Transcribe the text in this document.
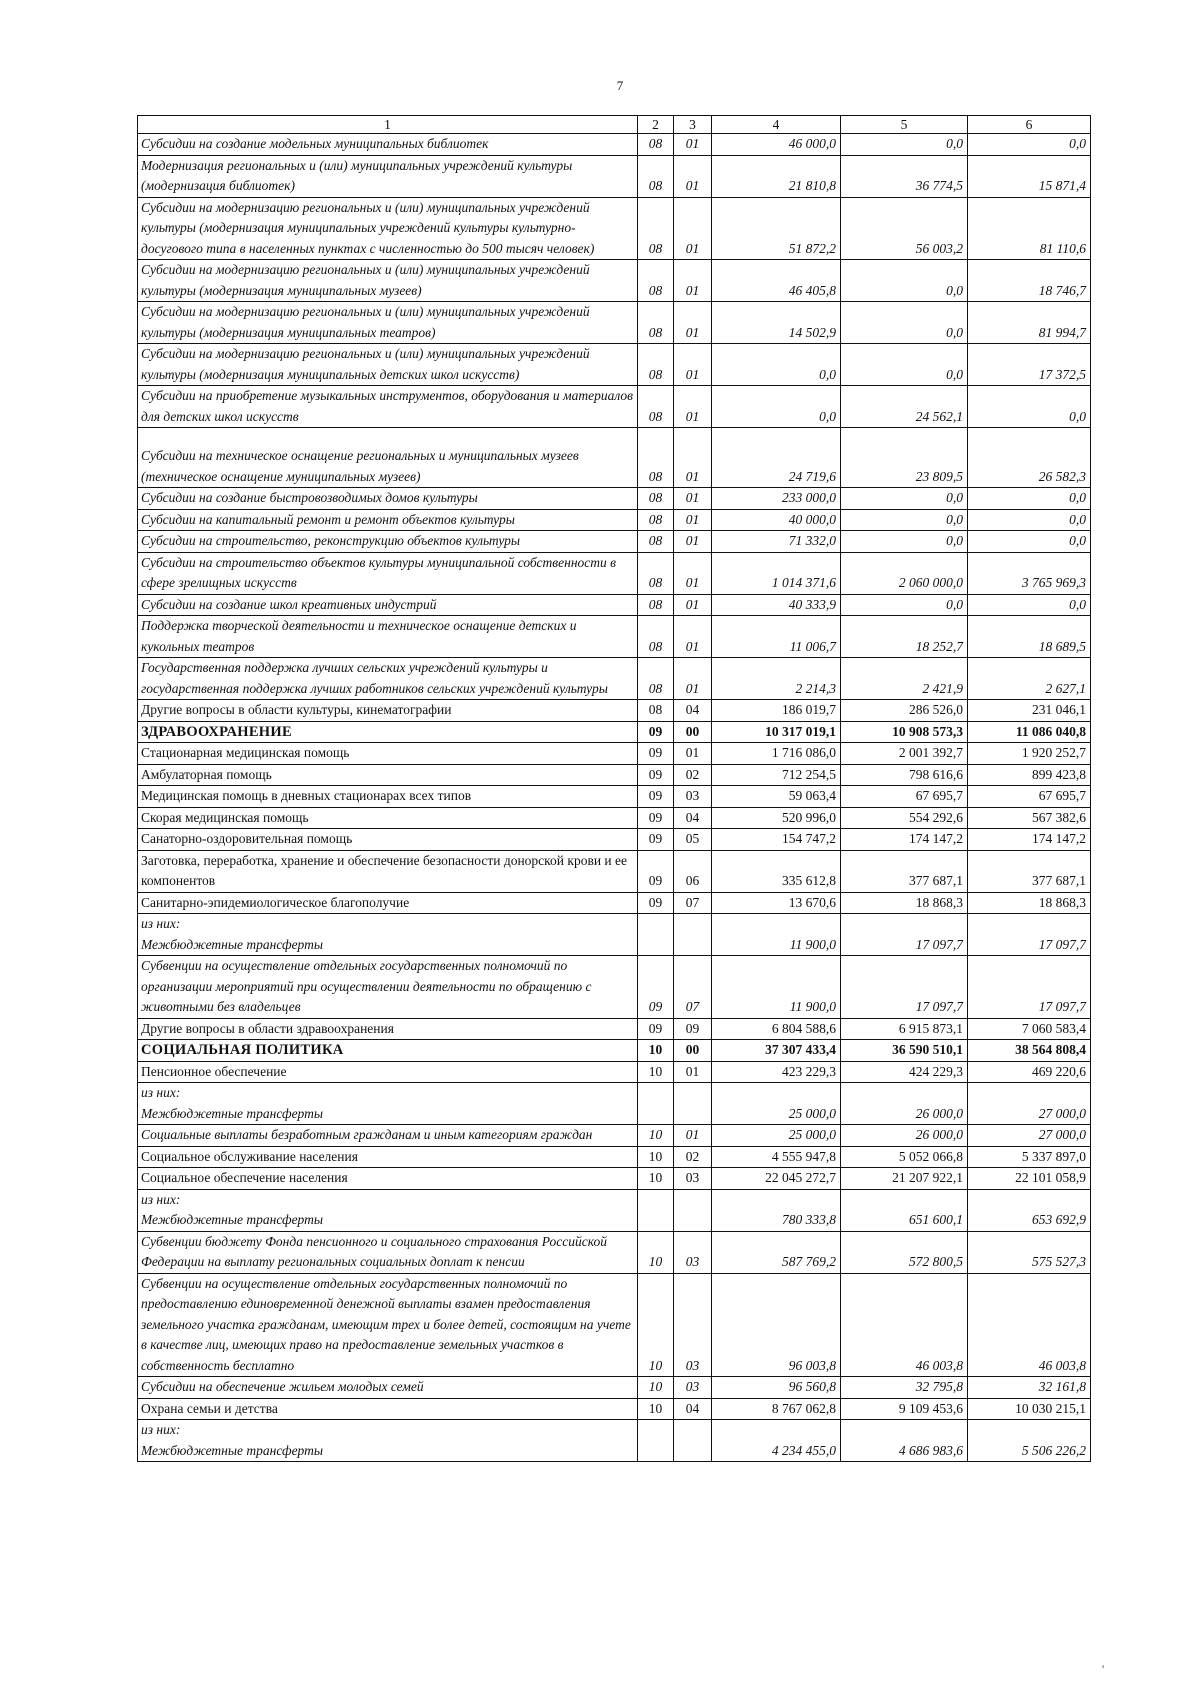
7
1	2	3	4	5	6
Субсидии на создание модельных муниципальных библиотек	08	01	46 000,0	0,0	0,0
Модернизация региональных и (или) муниципальных учреждений культуры (модернизация библиотек)	08	01	21 810,8	36 774,5	15 871,4
Субсидии на модернизацию региональных и (или) муниципальных учреждений культуры (модернизация муниципальных учреждений культуры культурно-досугового типа в населенных пунктах с численностью до 500 тысяч человек)	08	01	51 872,2	56 003,2	81 110,6
Субсидии на модернизацию региональных и (или) муниципальных учреждений культуры (модернизация муниципальных музеев)	08	01	46 405,8	0,0	18 746,7
Субсидии на модернизацию региональных и (или) муниципальных учреждений культуры (модернизация муниципальных театров)	08	01	14 502,9	0,0	81 994,7
Субсидии на модернизацию региональных и (или) муниципальных учреждений культуры (модернизация муниципальных детских школ искусств)	08	01	0,0	0,0	17 372,5
Субсидии на приобретение музыкальных инструментов, оборудования и материалов для детских школ искусств	08	01	0,0	24 562,1	0,0
Субсидии на техническое оснащение региональных и муниципальных музеев (техническое оснащение муниципальных музеев)	08	01	24 719,6	23 809,5	26 582,3
Субсидии на создание быстровозводимых домов культуры	08	01	233 000,0	0,0	0,0
Субсидии на капитальный ремонт и ремонт объектов культуры	08	01	40 000,0	0,0	0,0
Субсидии на строительство, реконструкцию объектов культуры	08	01	71 332,0	0,0	0,0
Субсидии на строительство объектов культуры муниципальной собственности в сфере зрелищных искусств	08	01	1 014 371,6	2 060 000,0	3 765 969,3
Субсидии на создание школ креативных индустрий	08	01	40 333,9	0,0	0,0
Поддержка творческой деятельности и техническое оснащение детских и кукольных театров	08	01	11 006,7	18 252,7	18 689,5
Государственная поддержка лучших сельских учреждений культуры и государственная поддержка лучших работников сельских учреждений культуры	08	01	2 214,3	2 421,9	2 627,1
Другие вопросы в области культуры, кинематографии	08	04	186 019,7	286 526,0	231 046,1
ЗДРАВООХРАНЕНИЕ	09	00	10 317 019,1	10 908 573,3	11 086 040,8
Стационарная медицинская помощь	09	01	1 716 086,0	2 001 392,7	1 920 252,7
Амбулаторная помощь	09	02	712 254,5	798 616,6	899 423,8
Медицинская помощь в дневных стационарах всех типов	09	03	59 063,4	67 695,7	67 695,7
Скорая медицинская помощь	09	04	520 996,0	554 292,6	567 382,6
Санаторно-оздоровительная помощь	09	05	154 747,2	174 147,2	174 147,2
Заготовка, переработка, хранение и обеспечение безопасности донорской крови и ее компонентов	09	06	335 612,8	377 687,1	377 687,1
Санитарно-эпидемиологическое благополучие	09	07	13 670,6	18 868,3	18 868,3
из них:
Межбюджетные трансферты			11 900,0	17 097,7	17 097,7
Субвенции на осуществление отдельных государственных полномочий по организации мероприятий при осуществлении деятельности по обращению с животными без владельцев	09	07	11 900,0	17 097,7	17 097,7
Другие вопросы в области здравоохранения	09	09	6 804 588,6	6 915 873,1	7 060 583,4
СОЦИАЛЬНАЯ ПОЛИТИКА	10	00	37 307 433,4	36 590 510,1	38 564 808,4
Пенсионное обеспечение	10	01	423 229,3	424 229,3	469 220,6
из них:
Межбюджетные трансферты			25 000,0	26 000,0	27 000,0
Социальные выплаты безработным гражданам и иным категориям граждан	10	01	25 000,0	26 000,0	27 000,0
Социальное обслуживание населения	10	02	4 555 947,8	5 052 066,8	5 337 897,0
Социальное обеспечение населения	10	03	22 045 272,7	21 207 922,1	22 101 058,9
из них:
Межбюджетные трансферты			780 333,8	651 600,1	653 692,9
Субвенции бюджету Фонда пенсионного и социального страхования Российской Федерации на выплату региональных социальных доплат к пенсии	10	03	587 769,2	572 800,5	575 527,3
Субвенции на осуществление отдельных государственных полномочий по предоставлению единовременной денежной выплаты взамен предоставления земельного участка гражданам, имеющим трех и более детей, состоящим на учете в качестве лиц, имеющих право на предоставление земельных участков в собственность бесплатно	10	03	96 003,8	46 003,8	46 003,8
Субсидии на обеспечение жильем молодых семей	10	03	96 560,8	32 795,8	32 161,8
Охрана семьи и детства	10	04	8 767 062,8	9 109 453,6	10 030 215,1
из них:
Межбюджетные трансферты			4 234 455,0	4 686 983,6	5 506 226,2
'
